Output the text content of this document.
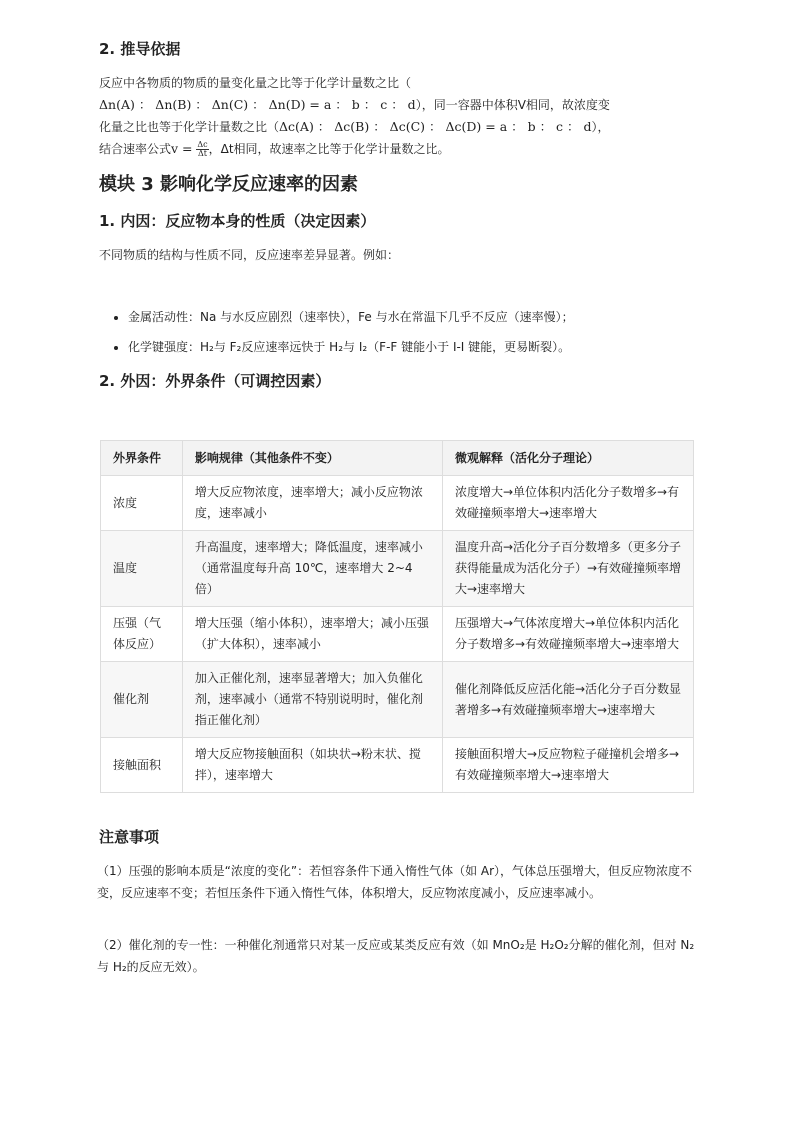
2. 推导依据
反应中各物质的物质的量变化量之比等于化学计量数之比（
Δn(A) ： Δn(B) ： Δn(C) ： Δn(D) = a ： b ： c ： d），同一容器中体积V相同，故浓度变
化量之比也等于化学计量数之比（Δc(A) ： Δc(B) ： Δc(C) ： Δc(D) = a ： b ： c ： d），
结合速率公式$v = \frac{\Delta c}{\Delta t}$ ，Δt相同，故速率之比等于化学计量数之比。
模块 3 影响化学反应速率的因素
1. 内因：反应物本身的性质（决定因素）

不同物质的结构与性质不同，反应速率差异显著。例如：

• 金属活动性：Na 与水反应剧烈（速率快），Fe 与水在常温下几乎不反应（速率慢）；
• 化学键强度：H₂与 F₂反应速率远快于 H₂与 I₂（F-F 键能小于 I-I 键能，更易断裂）。
2. 外因：外界条件（可调控因素）
外界条件	影响规律（其他条件不变）	微观解释（活化分子理论）
浓度	增大反应物浓度，速率增大；减小反应物浓度，速率减小	浓度增大→单位体积内活化分子数增多→有效碰撞频率增大→速率增大
温度	升高温度，速率增大；降低温度，速率减小（通常温度每升高 10℃，速率增大 2~4 倍）	温度升高→活化分子百分数增多（更多分子获得能量成为活化分子）→有效碰撞频率增大→速率增大
压强（气体反应）	增大压强（缩小体积），速率增大；减小压强（扩大体积），速率减小	压强增大→气体浓度增大→单位体积内活化分子数增多→有效碰撞频率增大→速率增大
催化剂	加入正催化剂，速率显著增大；加入负催化剂，速率减小（通常不特别说明时，催化剂指正催化剂）	催化剂降低反应活化能→活化分子百分数显著增多→有效碰撞频率增大→速率增大
接触面积	增大反应物接触面积（如块状→粉末状、搅拌），速率增大	接触面积增大→反应物粒子碰撞机会增多→有效碰撞频率增大→速率增大
注意事项

（1）压强的影响本质是“浓度的变化”：若恒容条件下通入惰性气体（如 Ar），气体总压强增大，但反应物浓度不变，反应速率不变；若恒压条件下通入惰性气体，体积增大，反应物浓度减小，反应速率减小。

（2）催化剂的专一性：一种催化剂通常只对某一反应或某类反应有效（如 MnO₂是 H₂O₂分解的催化剂，但对 N₂与 H₂的反应无效）。
